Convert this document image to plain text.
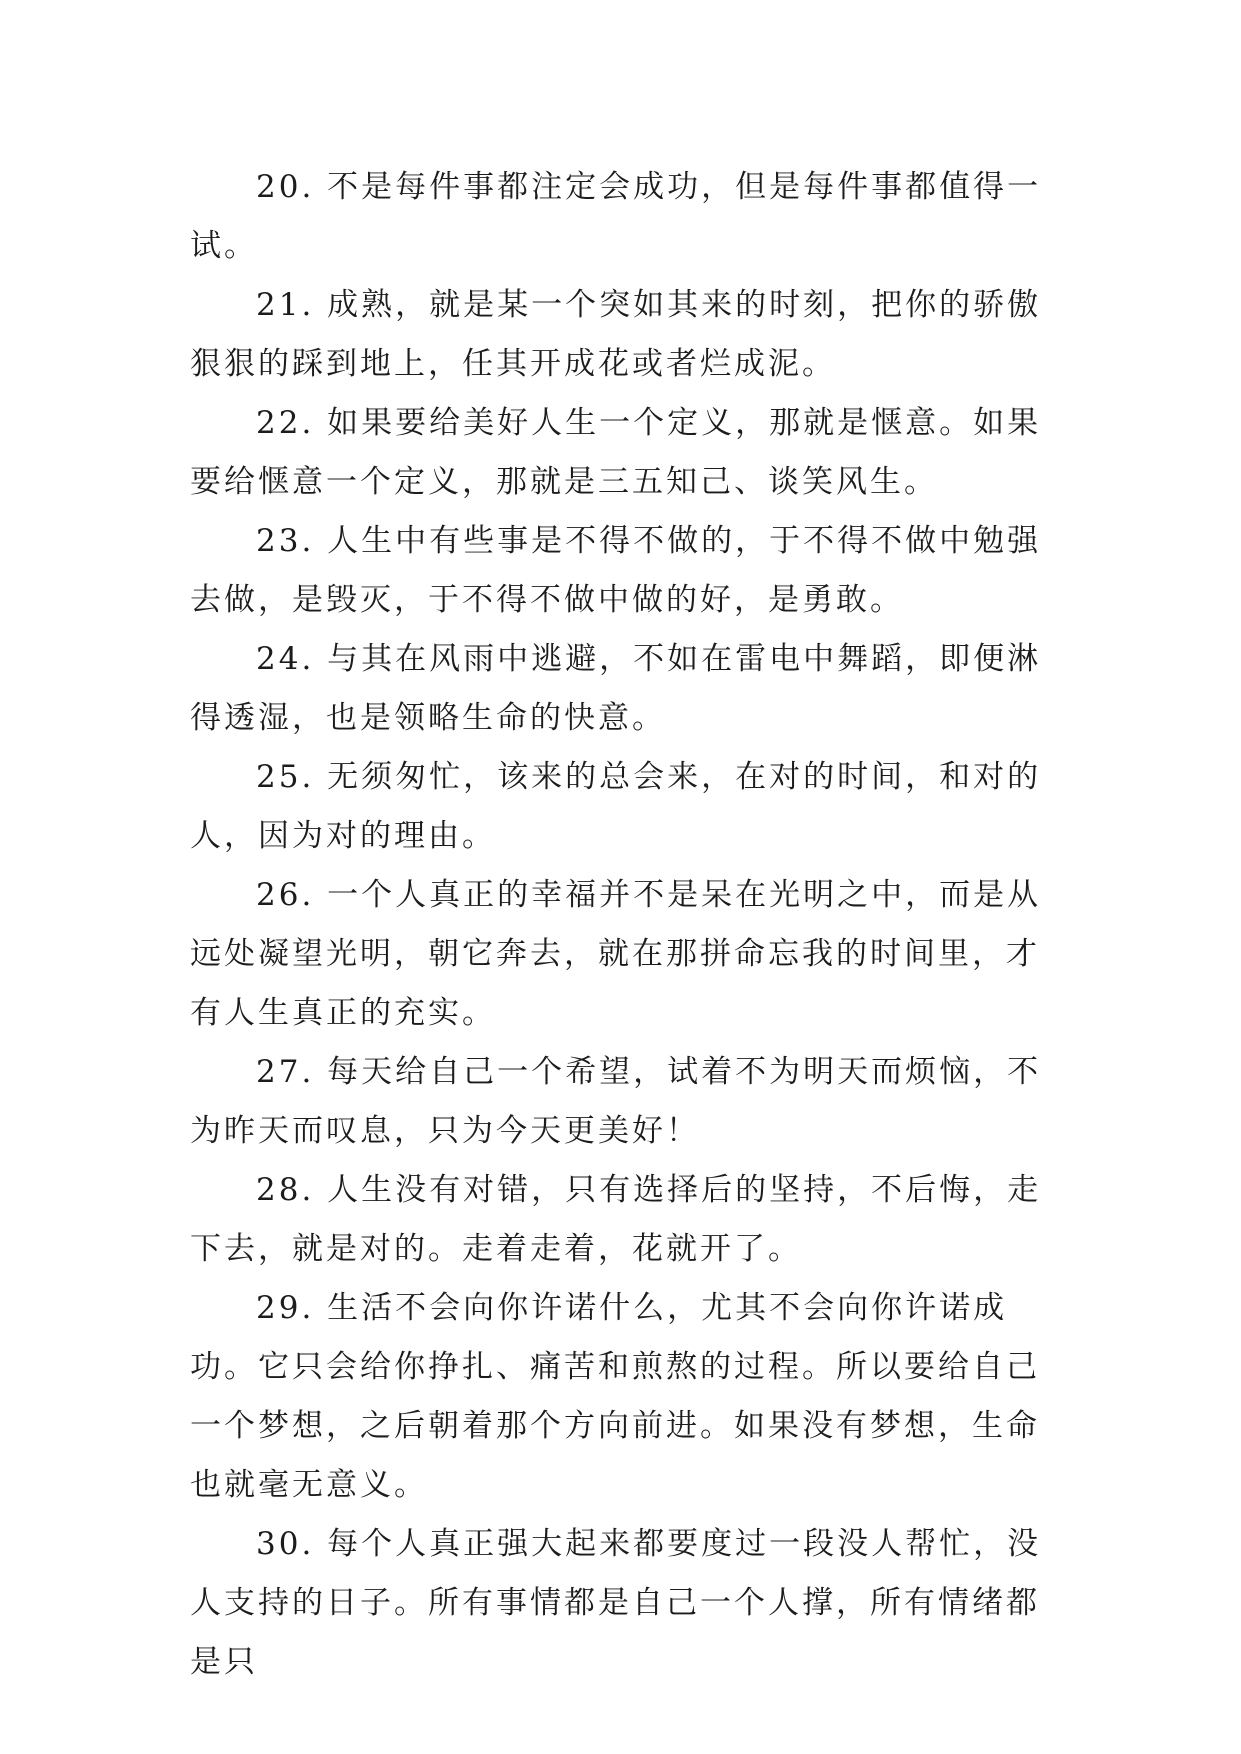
20. 不是每件事都注定会成功，但是每件事都值得一试。

21. 成熟，就是某一个突如其来的时刻，把你的骄傲狠狠的踩到地上，任其开成花或者烂成泥。

22. 如果要给美好人生一个定义，那就是惬意。如果要给惬意一个定义，那就是三五知己、谈笑风生。

23. 人生中有些事是不得不做的，于不得不做中勉强去做，是毁灭，于不得不做中做的好，是勇敢。

24. 与其在风雨中逃避，不如在雷电中舞蹈，即便淋得透湿，也是领略生命的快意。

25. 无须匆忙，该来的总会来，在对的时间，和对的人，因为对的理由。

26. 一个人真正的幸福并不是呆在光明之中，而是从远处凝望光明，朝它奔去，就在那拼命忘我的时间里，才有人生真正的充实。

27. 每天给自己一个希望，试着不为明天而烦恼，不为昨天而叹息，只为今天更美好！

28. 人生没有对错，只有选择后的坚持，不后悔，走下去，就是对的。走着走着，花就开了。

29. 生活不会向你许诺什么，尤其不会向你许诺成功。它只会给你挣扎、痛苦和煎熬的过程。所以要给自己一个梦想，之后朝着那个方向前进。如果没有梦想，生命也就毫无意义。

30. 每个人真正强大起来都要度过一段没人帮忙，没人支持的日子。所有事情都是自己一个人撑，所有情绪都是只
